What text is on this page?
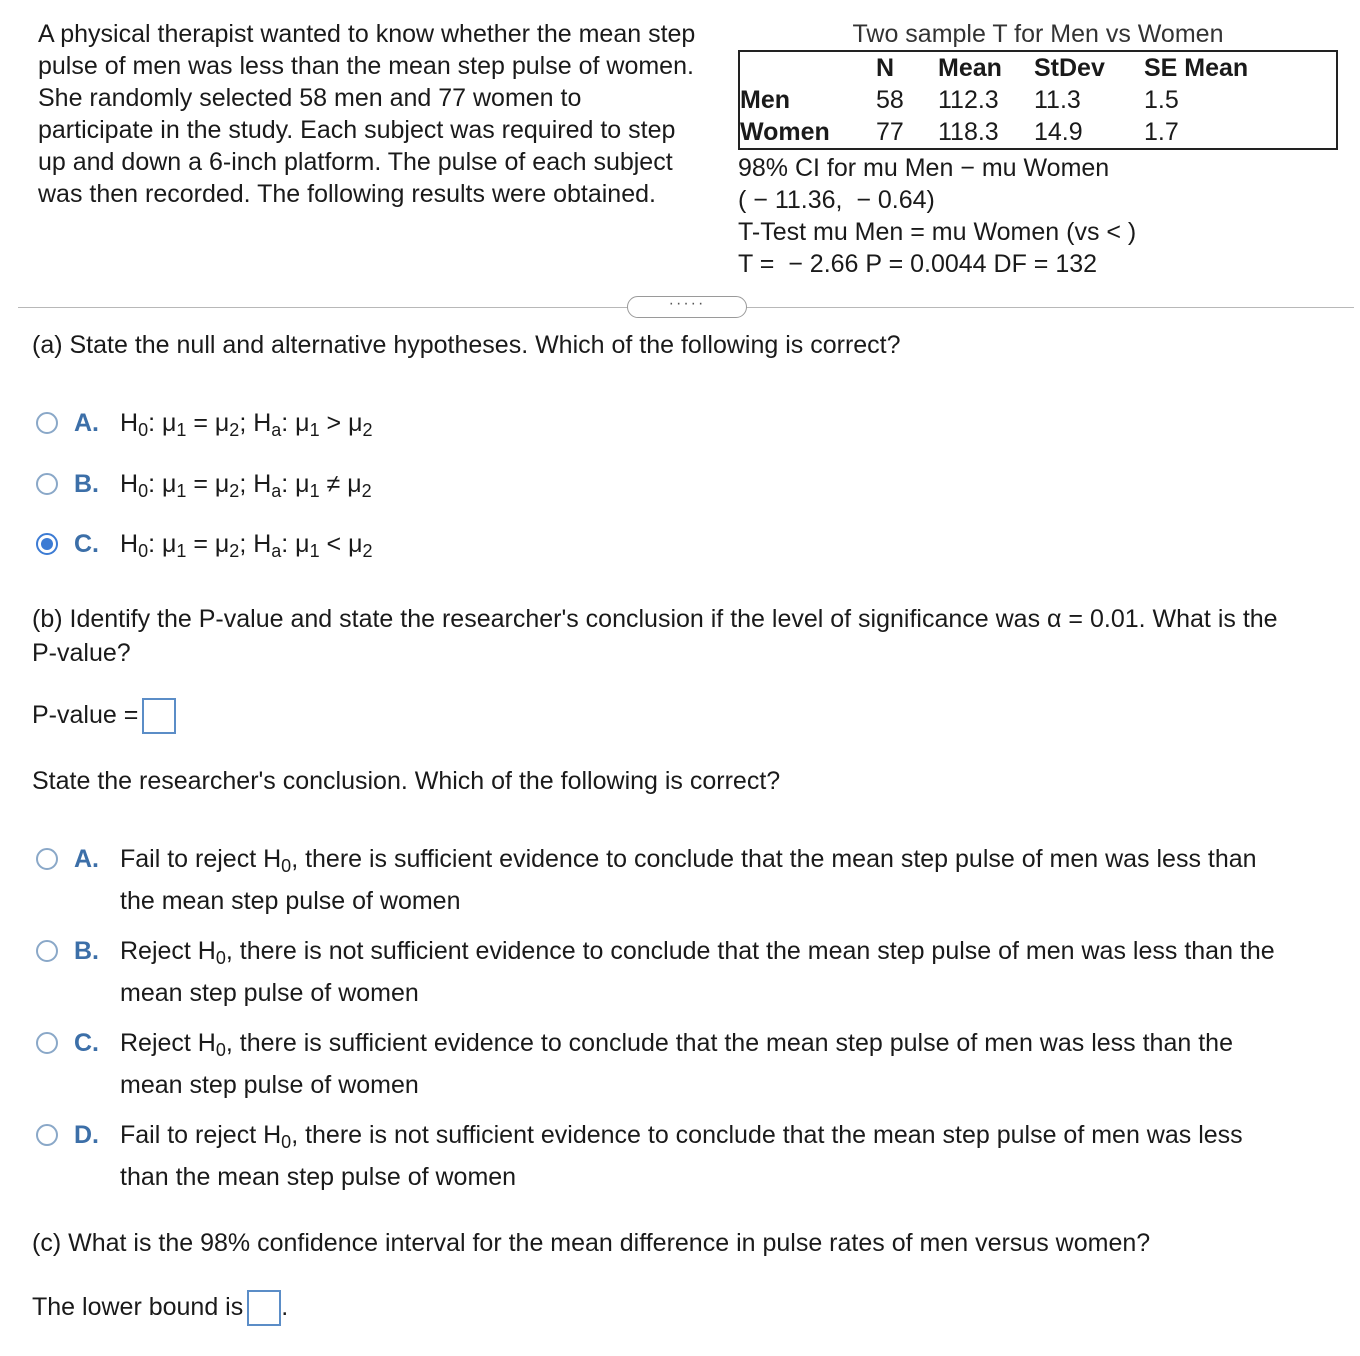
A physical therapist wanted to know whether the mean step
pulse of men was less than the mean step pulse of women.
She randomly selected 58 men and 77 women to
participate in the study. Each subject was required to step
up and down a 6-inch platform. The pulse of each subject
was then recorded. The following results were obtained.
Two sample T for Men vs Women
N Mean StDev SE Mean
Men	58 112.3 11.3	1.5
Women 77 118.3 14.9 1.7
98% CI for mu Men − mu Women
( − 11.36,  − 0.64)
T-Test mu Men = mu Women (vs < )
T =  − 2.66 P = 0.0044 DF = 132
·····
(a) State the null and alternative hypotheses. Which of the following is correct?
A. $H_0$: $\mu_1 = \mu_2$; $H_a$: $\mu_1 > \mu_2$
B. $H_0$: $\mu_1 = \mu_2$; $H_a$: $\mu_1 \ne \mu_2$
C. $H_0$: $\mu_1 = \mu_2$; $H_a$: $\mu_1 < \mu_2$
(b) Identify the P-value and state the researcher's conclusion if the level of significance was α = 0.01. What is the
P-value?
P-value =
State the researcher's conclusion. Which of the following is correct?
A. Fail to reject $H_0$, there is sufficient evidence to conclude that the mean step pulse of men was less than
the mean step pulse of women
B. Reject $H_0$, there is not sufficient evidence to conclude that the mean step pulse of men was less than the
mean step pulse of women
C. Reject $H_0$, there is sufficient evidence to conclude that the mean step pulse of men was less than the
mean step pulse of women
D. Fail to reject $H_0$, there is not sufficient evidence to conclude that the mean step pulse of men was less
than the mean step pulse of women
(c) What is the 98% confidence interval for the mean difference in pulse rates of men versus women?
The lower bound is .
